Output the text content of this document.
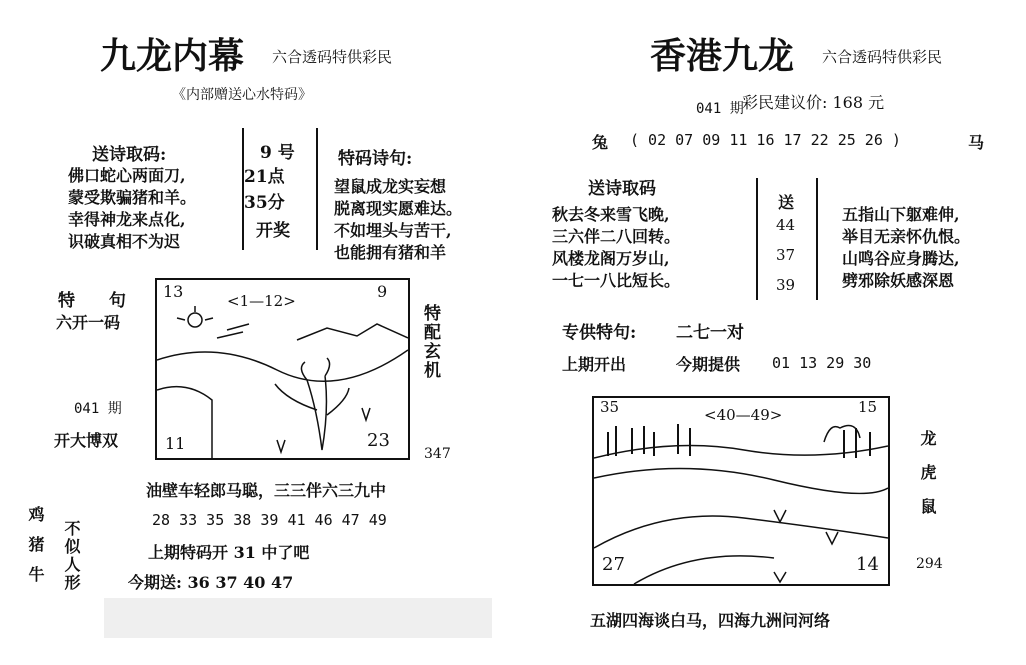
九龙内幕 六合透码特供彩民
《内部赠送心水特码》
送诗取码:
佛口蛇心两面刀,
蒙受欺骗猪和羊。
幸得神龙来点化,
识破真相不为迟
9 号
21点
35分
开奖
特码诗句:
望鼠成龙实妄想
脱离现实愿难达。
不如埋头与苦干,
也能拥有猪和羊
特 句
六开一码
041 期
开大博双
13	<1—12>	9
11	23
特配玄机
347
油壁车轻郎马聪，三三伴六三九中
28 33 35 38 39 41 46 47 49
上期特码开 31 中了吧
今期送: 36 37 40 47
鸡猪牛 不似人形
香港九龙 六合透码特供彩民
041 期
彩民建议价: 168 元
兔 ( 02 07 09 11 16 17 22 25 26 )	马
送诗取码
秋去冬来雪飞晚,
三六伴二八回转。
风楼龙阁万岁山,
一七一八比短长。
送
44
37
39
五指山下躯难伸,
举目无亲怀仇恨。
山鸣谷应身腾达,
劈邪除妖感深恩
专供特句: 二七一对
上期开出	今期提供 01 13 29 30
35	<40—49>	15
27	14
龙虎鼠
294
五湖四海谈白马，四海九洲问河络
